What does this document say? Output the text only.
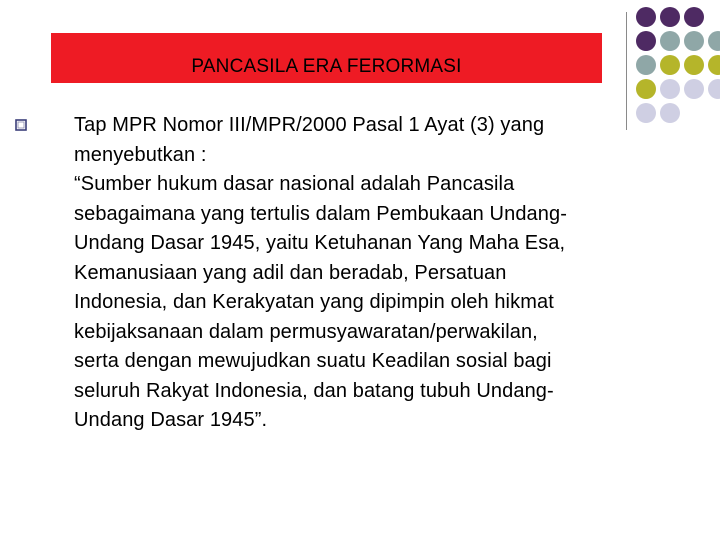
PANCASILA ERA FERORMASI
Tap MPR Nomor III/MPR/2000 Pasal 1 Ayat (3) yang
menyebutkan :
“Sumber hukum dasar nasional adalah Pancasila
sebagaimana yang tertulis dalam Pembukaan Undang-
Undang Dasar 1945, yaitu Ketuhanan Yang Maha Esa,
Kemanusiaan yang adil dan beradab, Persatuan
Indonesia, dan Kerakyatan yang dipimpin oleh hikmat
kebijaksanaan dalam permusyawaratan/perwakilan,
serta dengan mewujudkan suatu Keadilan sosial bagi
seluruh Rakyat Indonesia, dan batang tubuh Undang-
Undang Dasar 1945”.
